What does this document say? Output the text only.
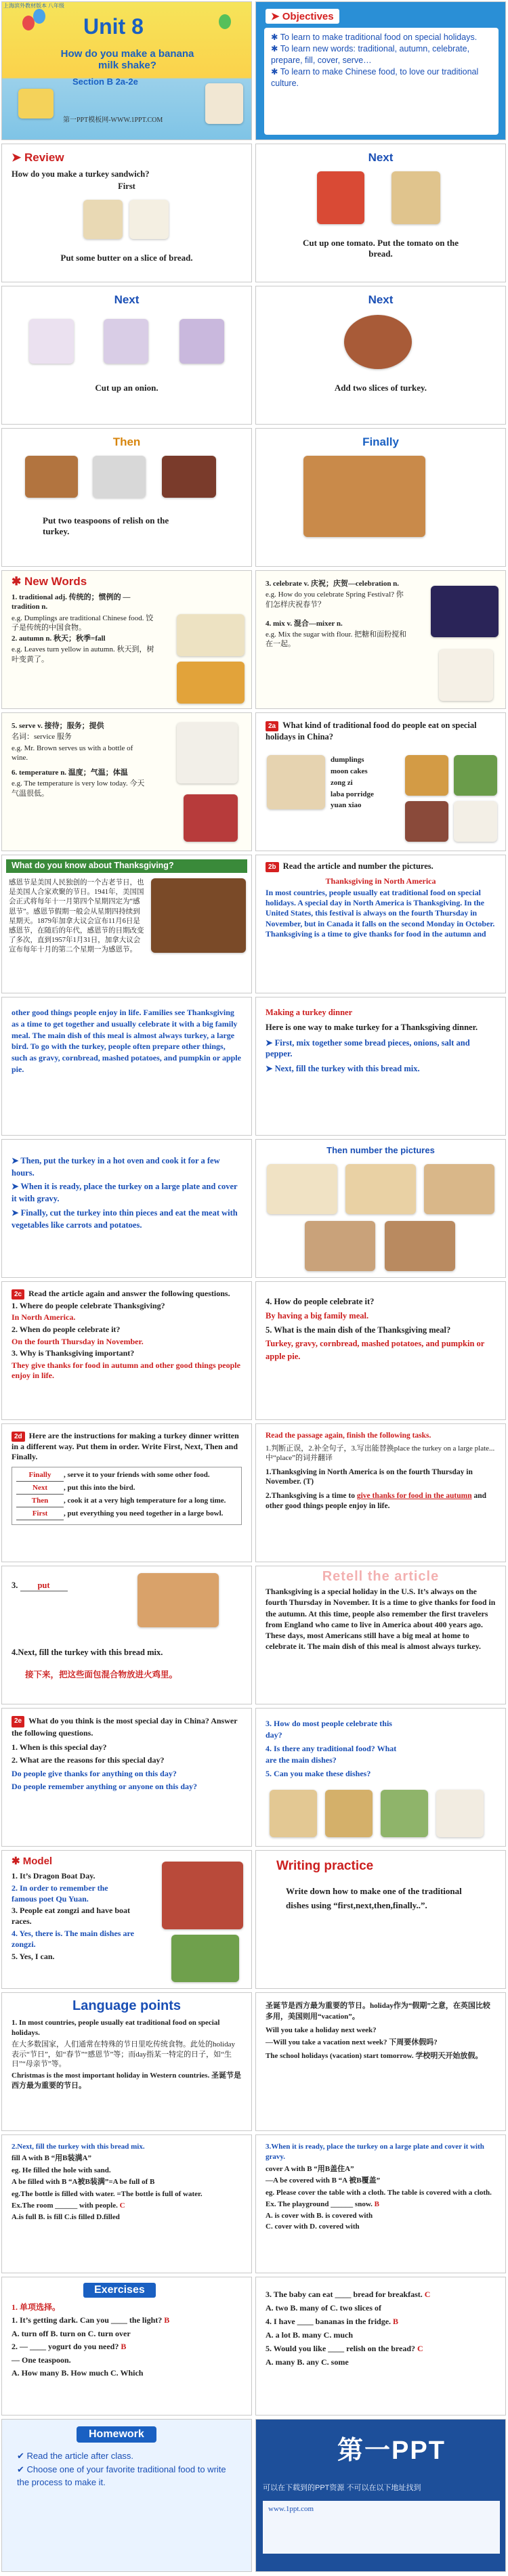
上海滨外教材版本 八年级
Unit 8
How do you make a banana milk shake?
Section B 2a-2e
第一PPT模板网-WWW.1PPT.COM
➤ Objectives

✱ To learn to make traditional food on special holidays.

✱ To learn new words: traditional, autumn, celebrate, prepare, fill, cover, serve…

✱ To learn to make Chinese food, to love our traditional culture.

➤ Review

How do you make a turkey sandwich?

First

Put some butter on a slice of bread.

Next

Cut up one tomato. Put the tomato on the bread.

Next

Cut up an onion.

Next

Add two slices of turkey.

Then

Put two teaspoons of relish on the turkey.

Finally
✱ New Words

1. traditional adj. 传统的；惯例的 —tradition n.

e.g. Dumplings are traditional Chinese food. 饺子是传统的中国食物。

2. autumn n. 秋天；秋季=fall

e.g. Leaves turn yellow in autumn. 秋天到，树叶变黄了。

3. celebrate v. 庆祝；庆贺—celebration n.

e.g. How do you celebrate Spring Festival? 你们怎样庆祝春节？

4. mix v. 混合—mixer n.

e.g. Mix the sugar with flour. 把糖和面粉搅和在一起。

5. serve v. 接待；服务；提供

名词：service 服务

e.g. Mr. Brown serves us with a bottle of wine.

6. temperature n. 温度；气温；体温

e.g. The temperature is very low today. 今天气温很低。

2a What kind of traditional food do people eat on special holidays in China?

dumplings

moon cakes

zong zi

laba porridge

yuan xiao

What do you know about Thanksgiving?

感恩节是美国人民独创的一个古老节日，也是美国人合家欢聚的节日。1941年，美国国会正式将每年十一月第四个星期四定为“感恩节”。感恩节假期一般会从星期四持续到星期天。1879年加拿大议会宣布11月6日是感恩节，在随后的年代，感恩节的日期改变了多次，直到1957年1月31日，加拿大议会宣布每年十月的第二个星期一为感恩节。

2b Read the article and number the pictures.

Thanksgiving in North America

In most countries, people usually eat traditional food on special holidays. A special day in North America is Thanksgiving. In the United States, this festival is always on the fourth Thursday in November, but in Canada it falls on the second Monday in October. Thanksgiving is a time to give thanks for food in the autumn and

other good things people enjoy in life. Families see Thanksgiving as a time to get together and usually celebrate it with a big family meal. The main dish of this meal is almost always turkey, a large bird. To go with the turkey, people often prepare other things, such as gravy, cornbread, mashed potatoes, and pumpkin or apple pie.

Making a turkey dinner

Here is one way to make turkey for a Thanksgiving dinner.

➤ First, mix together some bread pieces, onions, salt and pepper.

➤ Next, fill the turkey with this bread mix.

➤ Then, put the turkey in a hot oven and cook it for a few hours.

➤ When it is ready, place the turkey on a large plate and cover it with gravy.

➤ Finally, cut the turkey into thin pieces and eat the meat with vegetables like carrots and potatoes.

Then number the pictures

2c Read the article again and answer the following questions.

1. Where do people celebrate Thanksgiving?

In North America.

2. When do people celebrate it?

On the fourth Thursday in November.

3. Why is Thanksgiving important?

They give thanks for food in autumn and other good things people enjoy in life.

4. How do people celebrate it?

By having a big family meal.

5. What is the main dish of the Thanksgiving meal?

Turkey, gravy, cornbread, mashed potatoes, and pumpkin or apple pie.

2d Here are the instructions for making a turkey dinner written in a different way. Put them in order. Write First, Next, Then and Finally.

Finally , serve it to your friends with some other food.

Next , put this into the bird.

Then , cook it at a very high temperature for a long time.

First , put everything you need together in a large bowl.

Read the passage again, finish the following tasks.

1.判断正误，2.补全句子，3.写出能替换place the turkey on a large plate...中“place”的词并翻译

1.Thanksgiving in North America is on the fourth Thursday in November. (T)

2.Thanksgiving is a time to give thanks for food in the autumn and other good things people enjoy in life.

3. put

4.Next, fill the turkey with this bread mix.

接下来，把这些面包混合物放进火鸡里。

Retell the article

Thanksgiving is a special holiday in the U.S. It’s always on the fourth Thursday in November. It is a time to give thanks for food in the autumn. At this time, people also remember the first travelers from England who came to live in America about 400 years ago. These days, most Americans still have a big meal at home to celebrate it. The main dish of this meal is almost always turkey.

2e What do you think is the most special day in China? Answer the following questions.

1. When is this special day?

2. What are the reasons for this special day?

Do people give thanks for anything on this day?

Do people remember anything or anyone on this day?

3. How do most people celebrate this day?

4. Is there any traditional food? What are the main dishes?

5. Can you make these dishes?

✱ Model

1. It’s Dragon Boat Day.

2. In order to remember the famous poet Qu Yuan.

3. People eat zongzi and have boat races.

4. Yes, there is. The main dishes are zongzi.

5. Yes, I can.

Writing practice

Write down how to make one of the traditional dishes using “first,next,then,finally..”.

Language points

1. In most countries, people usually eat traditional food on special holidays.

在大多数国家，人们通常在特殊的节日里吃传统食物。此处的holiday表示“节日”，如“春节”“感恩节”等；而day指某一特定的日子，如“生日”“母亲节”等。

Christmas is the most important holiday in Western countries. 圣诞节是西方最为重要的节日。

圣诞节是西方最为重要的节日。holiday作为“假期”之意，在英国比较多用，美国则用“vacation”。

Will you take a holiday next week?

—Will you take a vacation next week? 下周要休假吗?

The school holidays (vacation) start tomorrow. 学校明天开始放假。

2.Next, fill the turkey with this bread mix.

fill A with B “用B装满A”

eg. He filled the hole with sand.

A be filled with B “A被B装满”=A be full of B

eg.The bottle is filled with water. =The bottle is full of water.

Ex.The room ______ with people. C

A.is full B. is fill C.is filled D.filled

3.When it is ready, place the turkey on a large plate and cover it with gravy.

cover A with B “用B盖住A”

—A be covered with B “A 被B覆盖”

eg. Please cover the table with a cloth. The table is covered with a cloth.

Ex. The playground ______ snow. B

A. is cover with B. is covered with
C. cover with D. covered with

Exercises

1. 单项选择。

1. It’s getting dark. Can you ____ the light? B

A. turn off B. turn on C. turn over

2. — ____ yogurt do you need? B

— One teaspoon.

A. How many B. How much C. Which

3. The baby can eat ____ bread for breakfast. C

A. two B. many of C. two slices of

4. I have ____ bananas in the fridge. B

A. a lot B. many C. much

5. Would you like ____ relish on the bread? C

A. many B. any C. some

Homework
✔ Read the article after class.
✔ Choose one of your favorite traditional food to write the process to make it.
第一PPT
可以在下载到的PPT资源 不可以在以下地址找到

www.1ppt.com
